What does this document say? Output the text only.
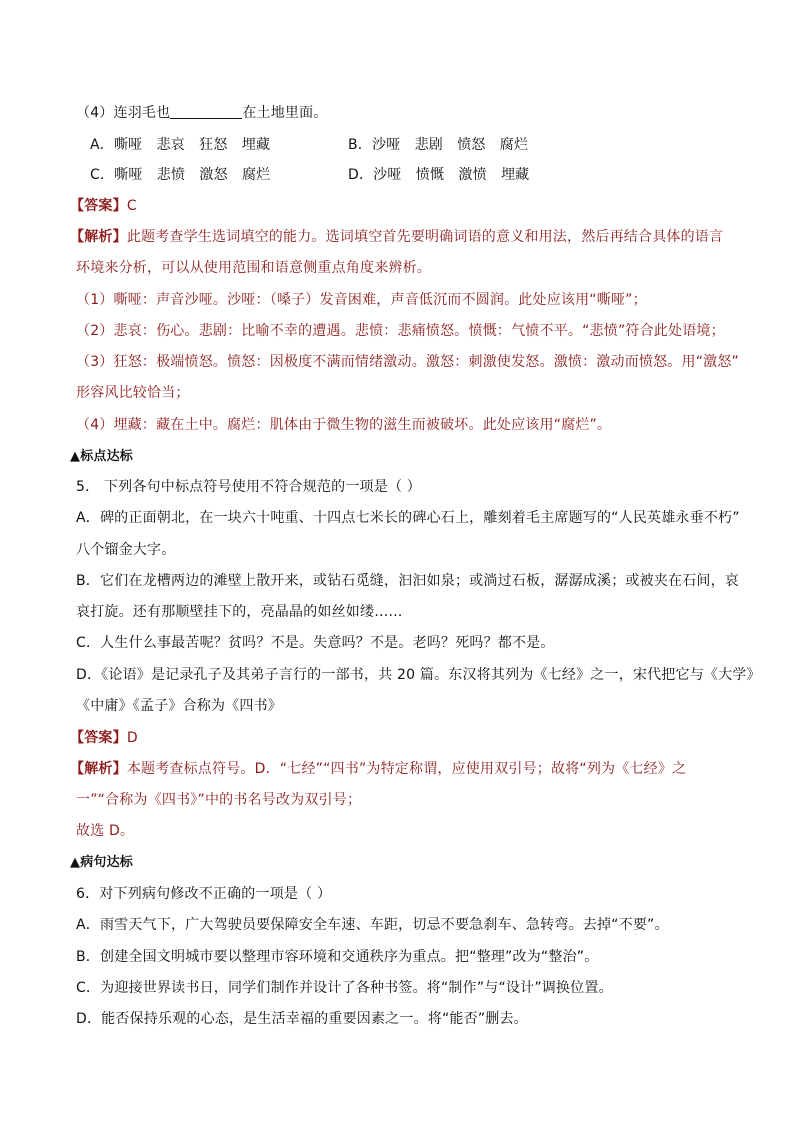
（4）连羽毛也	在土地里面。
A．嘶哑　悲哀　狂怒　埋藏	B．沙哑　悲剧　愤怒　腐烂
C．嘶哑　悲愤　激怒　腐烂	D．沙哑　愤慨　激愤　埋藏
【答案】C
【解析】此题考查学生选词填空的能力。选词填空首先要明确词语的意义和用法，然后再结合具体的语言
环境来分析，可以从使用范围和语意侧重点角度来辨析。
（1）嘶哑：声音沙哑。沙哑：（嗓子）发音困难，声音低沉而不圆润。此处应该用“嘶哑”；
（2）悲哀：伤心。悲剧：比喻不幸的遭遇。悲愤：悲痛愤怒。愤慨：气愤不平。“悲愤”符合此处语境；
（3）狂怒：极端愤怒。愤怒：因极度不满而情绪激动。激怒：刺激使发怒。激愤：激动而愤怒。用“激怒”
形容风比较恰当；
（4）埋藏：藏在土中。腐烂：肌体由于微生物的滋生而被破坏。此处应该用“腐烂”。
▲标点达标
5． 下列各句中标点符号使用不符合规范的一项是（ ）
A．碑的正面朝北，在一块六十吨重、十四点七米长的碑心石上，雕刻着毛主席题写的“人民英雄永垂不朽”
八个镏金大字。
B．它们在龙槽两边的滩壁上散开来，或钻石觅缝，汩汩如泉；或淌过石板，潺潺成溪；或被夹在石间，哀
哀打旋。还有那顺壁挂下的，亮晶晶的如丝如缕……
C．人生什么事最苦呢？贫吗？不是。失意吗？不是。老吗？死吗？都不是。
D．《论语》是记录孔子及其弟子言行的一部书，共 20 篇。东汉将其列为《七经》之一，宋代把它与《大学》
《中庸》《孟子》合称为《四书》
【答案】D
【解析】本题考查标点符号。D．“七经”“四书”为特定称谓，应使用双引号；故将“列为《七经》之
一”“合称为《四书》”中的书名号改为双引号；
故选 D。
▲病句达标
6．对下列病句修改不正确的一项是（ ）
A．雨雪天气下，广大驾驶员要保障安全车速、车距，切忌不要急刹车、急转弯。去掉“不要”。
B．创建全国文明城市要以整理市容环境和交通秩序为重点。把“整理”改为“整治”。
C．为迎接世界读书日，同学们制作并设计了各种书签。将“制作”与“设计”调换位置。
D．能否保持乐观的心态，是生活幸福的重要因素之一。将“能否”删去。
